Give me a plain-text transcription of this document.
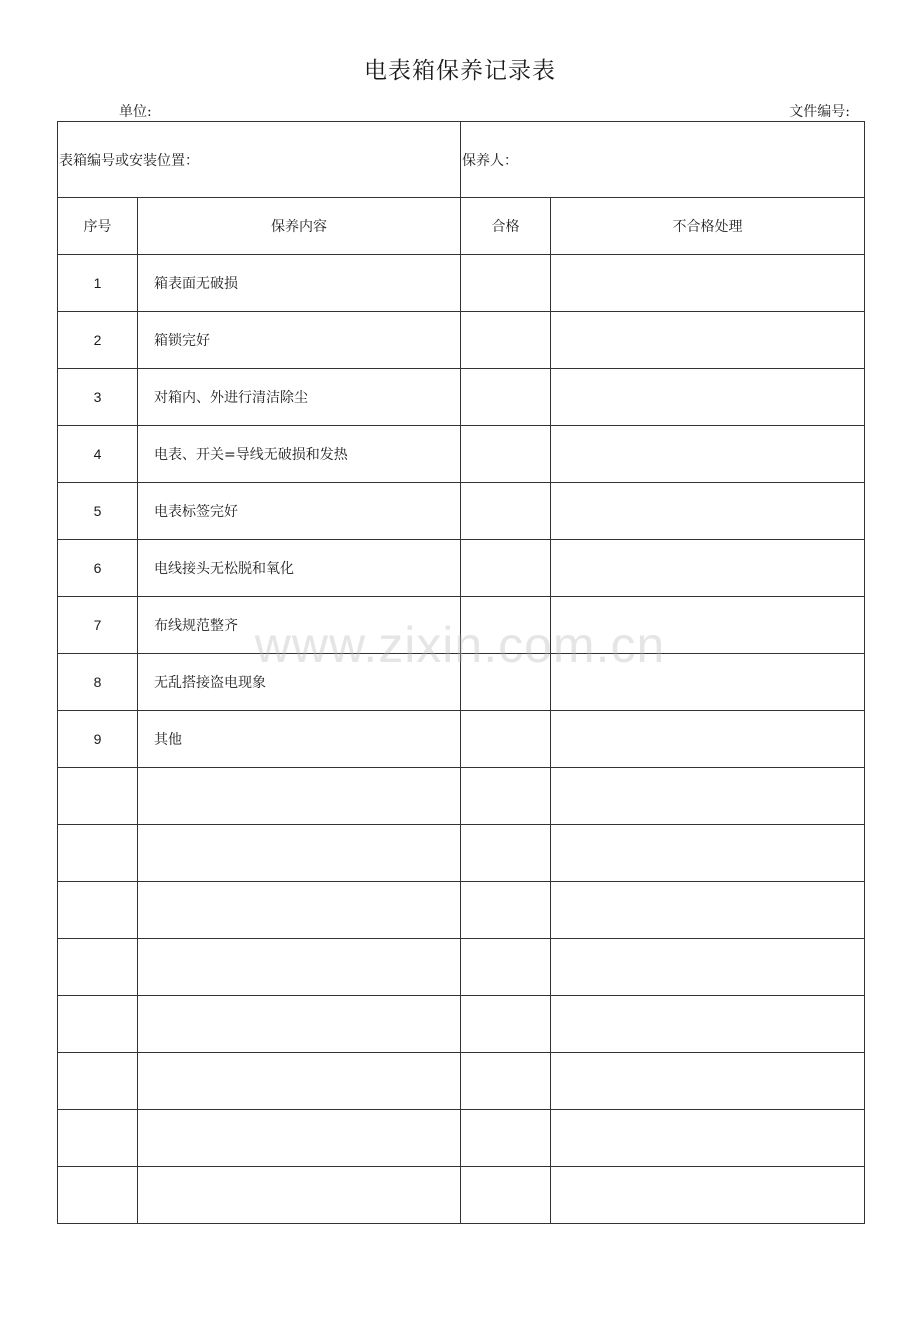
电表箱保养记录表
单位:	文件编号:
表箱编号或安装位置：		保养人：	
序号	保养内容	合格	不合格处理
1	箱表面无破损		
2	箱锁完好		
3	对箱内、外进行清洁除尘		
4	电表、开关=导线无破损和发热		
5	电表标签完好		
6	电线接头无松脱和氧化		
7	布线规范整齐		
8	无乱搭接盗电现象		
9	其他		

www.zixin.com.cn
